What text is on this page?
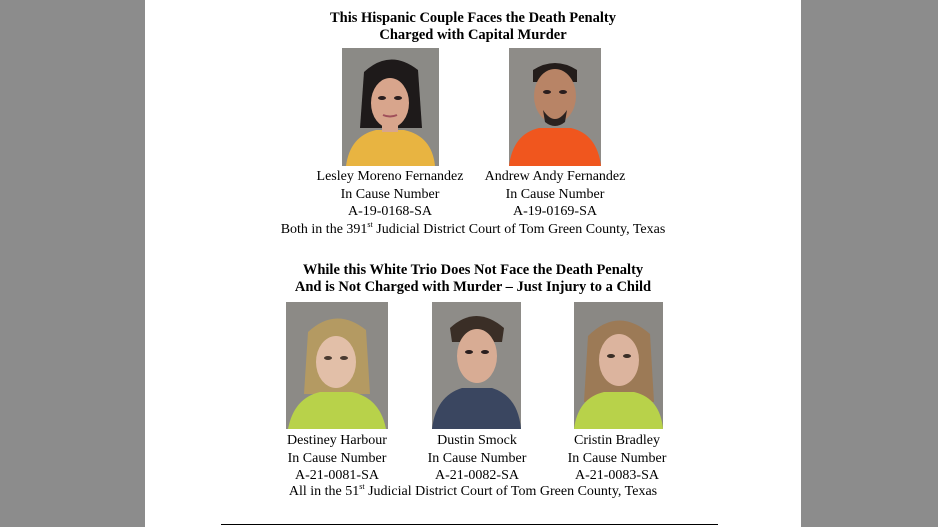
This Hispanic Couple Faces the Death Penalty
Charged with Capital Murder
Lesley Moreno Fernandez
In Cause Number
A-19-0168-SA
Andrew Andy Fernandez
In Cause Number
A-19-0169-SA
Both in the 391st Judicial District Court of Tom Green County, Texas
While this White Trio Does Not Face the Death Penalty
And is Not Charged with Murder – Just Injury to a Child
Destiney Harbour
In Cause Number
A-21-0081-SA
Dustin Smock
In Cause Number
A-21-0082-SA
Cristin Bradley
In Cause Number
A-21-0083-SA
All in the 51st Judicial District Court of Tom Green County, Texas
